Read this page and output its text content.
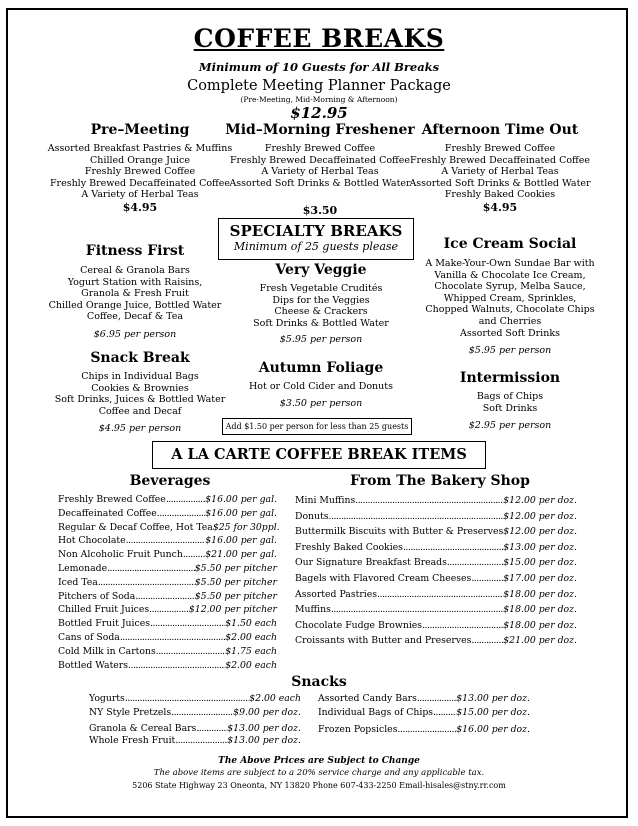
COFFEE BREAKS
Minimum of 10 Guests for All Breaks
Complete Meeting Planner Package
(Pre-Meeting, Mid-Morning & Afternoon)
$12.95
Pre–Meeting
Assorted Breakfast Pastries & Muffins
Chilled Orange Juice
Freshly Brewed Coffee
Freshly Brewed Decaffeinated Coffee
A Variety of Herbal Teas
$4.95
Mid–Morning Freshener
Freshly Brewed Coffee
Freshly Brewed Decaffeinated Coffee
A Variety of Herbal Teas
Assorted Soft Drinks & Bottled Water
$3.50
Afternoon Time Out
Freshly Brewed Coffee
Freshly Brewed Decaffeinated Coffee
A Variety of Herbal Teas
Assorted Soft Drinks & Bottled Water
Freshly Baked Cookies
$4.95
SPECIALTY BREAKS
Minimum of 25 guests please
Fitness First
Cereal & Granola Bars
Yogurt Station with Raisins,
Granola & Fresh Fruit
Chilled Orange Juice, Bottled Water
Coffee, Decaf & Tea
$6.95 per person
Very Veggie
Fresh Vegetable Crudités
Dips for the Veggies
Cheese & Crackers
Soft Drinks & Bottled Water
$5.95 per person
Ice Cream Social
A Make-Your-Own Sundae Bar with
Vanilla & Chocolate Ice Cream,
Chocolate Syrup, Melba Sauce,
Whipped Cream, Sprinkles,
Chopped Walnuts, Chocolate Chips
and Cherries
Assorted Soft Drinks
$5.95 per person
Snack Break
Chips in Individual Bags
Cookies & Brownies
Soft Drinks, Juices & Bottled Water
Coffee and Decaf
$4.95 per person
Autumn Foliage
Hot or Cold Cider and Donuts
$3.50 per person
Intermission
Bags of Chips
Soft Drinks
$2.95 per person
Add $1.50 per person for less than 25 guests
A LA CARTE COFFEE BREAK ITEMS
Beverages
Freshly Brewed Coffee .....	$16.00 per gal.
Decaffeinated Coffee .....	$16.00 per gal.
Regular & Decaf Coffee, Hot Tea $25 for 30ppl.
Hot Chocolate .....	$16.00 per gal.
Non Alcoholic Fruit Punch ..... $21.00 per gal.
Lemonade .....	$5.50 per pitcher
Iced Tea .....	$5.50 per pitcher
Pitchers of Soda .....	$5.50 per pitcher
Chilled Fruit Juices .....	$12.00 per pitcher
Bottled Fruit Juices .....	$1.50 each
Cans of Soda .....	$2.00 each
Cold Milk in Cartons .....	$1.75 each
Bottled Waters .....	$2.00 each
From The Bakery Shop
Mini Muffins .....	$12.00 per doz.
Donuts .....	$12.00 per doz.
Buttermilk Biscuits with Butter & Preserves $12.00 per doz.
Freshly Baked Cookies .....	$13.00 per doz.
Our Signature Breakfast Breads .....	$15.00 per doz.
Bagels with Flavored Cream Cheeses .....	$17.00 per doz.
Assorted Pastries .....	$18.00 per doz.
Muffins .....	$18.00 per doz.
Chocolate Fudge Brownies .....	$18.00 per doz.
Croissants with Butter and Preserves .....	$21.00 per doz.
Snacks
Yogurts .....	$2.00 each
NY Style Pretzels .....	$9.00 per doz.
Granola & Cereal Bars .....	$13.00 per doz.
Whole Fresh Fruit .....	$13.00 per doz.
Assorted Candy Bars .....	$13.00 per doz.
Individual Bags of Chips ..... $15.00 per doz.
Frozen Popsicles .....	$16.00 per doz.
The Above Prices are Subject to Change
The above items are subject to a 20% service charge and any applicable tax.
5206 State Highway 23 Oneonta, NY 13820 Phone 607-433-2250 Email-hisales@stny.rr.com
